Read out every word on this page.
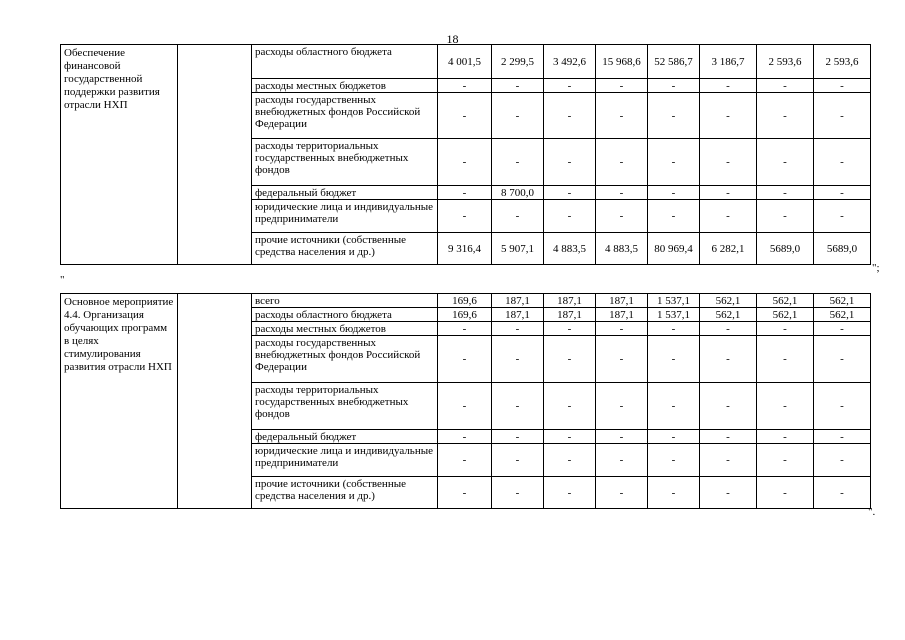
18
Обеспечение финансовой государственной поддержки развития отрасли НХП		расходы областного бюджета	4 001,5	2 299,5	3 492,6	15 968,6	52 586,7	3 186,7	2 593,6	2 593,6
		расходы местных бюджетов	-	-	-	-	-	-	-	-
		расходы государственных внебюджетных фондов Российской Федерации	-	-	-	-	-	-	-	-
		расходы территориальных государственных внебюджетных фондов	-	-	-	-	-	-	-	-
		федеральный бюджет	-	8 700,0	-	-	-	-	-	-
		юридические лица и индивидуальные предприниматели	-	-	-	-	-	-	-	-
		прочие источники (собственные средства населения и др.)	9 316,4	5 907,1	4 883,5	4 883,5	80 969,4	6 282,1	5689,0	5689,0
";
"
Основное мероприятие 4.4. Организация обучающих программ в целях стимулирования развития отрасли НХП		всего	169,6	187,1	187,1	187,1	1 537,1	562,1	562,1	562,1
		расходы областного бюджета	169,6	187,1	187,1	187,1	1 537,1	562,1	562,1	562,1
		расходы местных бюджетов	-	-	-	-	-	-	-	-
		расходы государственных внебюджетных фондов Российской Федерации	-	-	-	-	-	-	-	-
		расходы территориальных государственных внебюджетных фондов	-	-	-	-	-	-	-	-
		федеральный бюджет	-	-	-	-	-	-	-	-
		юридические лица и индивидуальные предприниматели	-	-	-	-	-	-	-	-
		прочие источники (собственные средства населения и др.)	-	-	-	-	-	-	-	-
".
